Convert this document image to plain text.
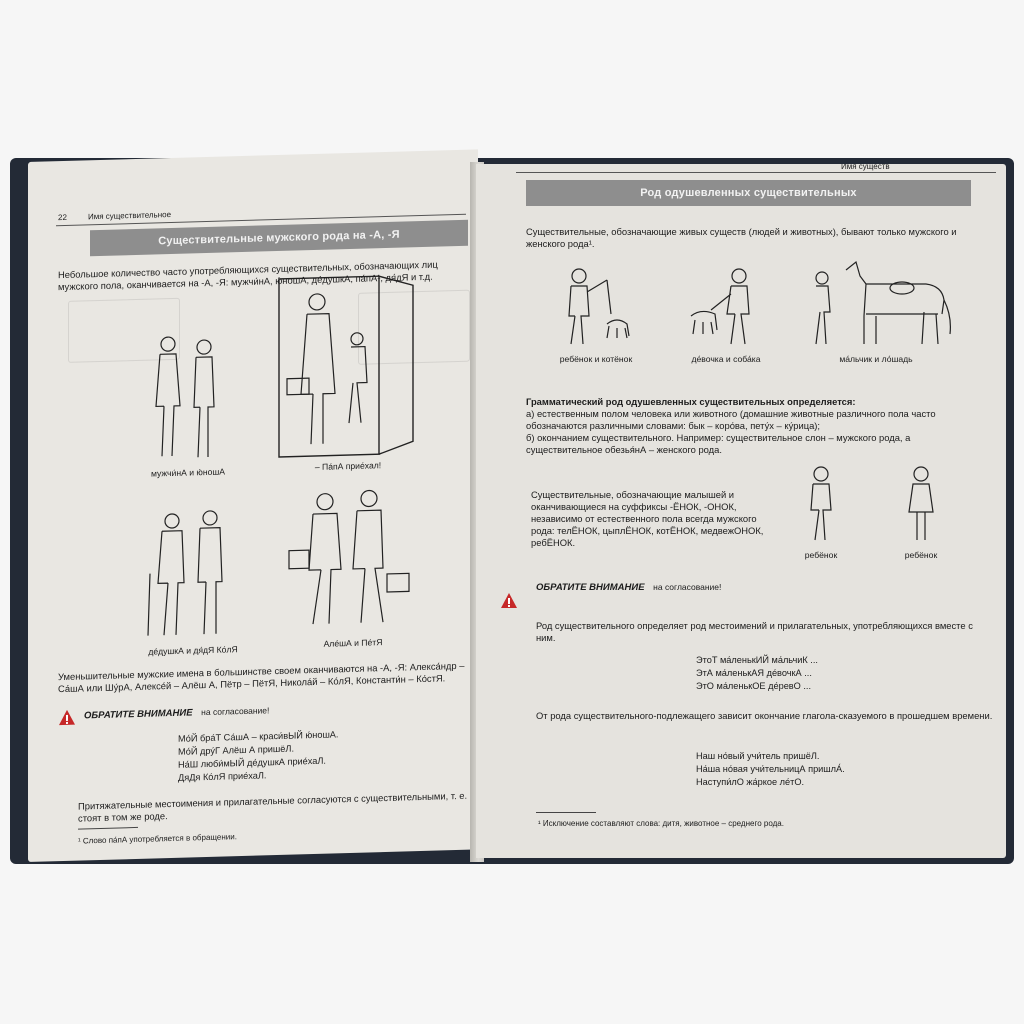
22	Имя существительное
Существительные мужского рода на -А, -Я
Небольшое количество часто употребляющихся существительных, обозначающих лиц мужского пола, оканчивается на -А, -Я: мужчи́нА, ю́ношА, де́душкА, па́пА¹, дя́дЯ и т.д.
мужчи́нА и ю́ношА
– Па́пА прие́хал!
де́душкА и дя́дЯ Ко́лЯ
Але́шА и Пе́тЯ
Уменьшительные мужские имена в большинстве своем оканчиваются на -А, -Я: Алекса́ндр – Са́шА или Шу́рА, Алексе́й – Алёш А, Пётр – ПётЯ, Никола́й – Ко́лЯ, Константи́н – Ко́стЯ.
ОБРАТИТЕ ВНИМАНИЕ на согласование!
Мо́Й бра́Т Са́шА – краси́вЫЙ ю́ношА.
Мо́Й дру́Г Алёш А пришёЛ.
На́Ш люби́мЫЙ де́душкА прие́хаЛ.
ДяДя Ко́лЯ прие́хаЛ.
Притяжательные местоимения и прилагательные согласуются с существительными, т. е. стоят в том же роде.
¹ Слово па́пА употребляется в обращении.
Имя существ
Род одушевленных существительных
Существительные, обозначающие живых существ (людей и животных), бывают только мужского и женского рода¹.
ребёнок и котёнок	де́вочка и соба́ка	ма́льчик и ло́шадь
Грамматический род одушевленных существительных определяется:
а) естественным полом человека или животного (домашние животные различного пола часто обозначаются различными словами: бык – коро́ва, пету́х – ку́рица);
б) окончанием существительного. Например: существительное слон – мужского рода, а существительное обезья́нА – женского рода.
Существительные, обозначающие малышей и оканчивающиеся на суффиксы -ЁНОК, -ОНОК, независимо от естественного пола всегда мужского рода: телЁНОК, цыплЁНОК, котЁНОК, медвежОНОК, ребЁНОК.
ребёнок	ребёнок
ОБРАТИТЕ ВНИМАНИЕ на согласование!
Род существительного определяет род местоимений и прилагательных, употребляющихся вместе с ним.
ЭтоТ ма́ленькИЙ ма́льчиК ...
ЭтА ма́ленькАЯ де́вочкА ...
ЭтО ма́ленькОЕ де́ревО ...
От рода существительного-подлежащего зависит окончание глагола-сказуемого в прошедшем времени.
Наш но́вый учи́тель пришёЛ.
На́ша но́вая учи́тельницА пришлА́.
Наступи́лО жа́ркое ле́тО.
¹ Исключение составляют слова: дитя, животное – среднего рода.
